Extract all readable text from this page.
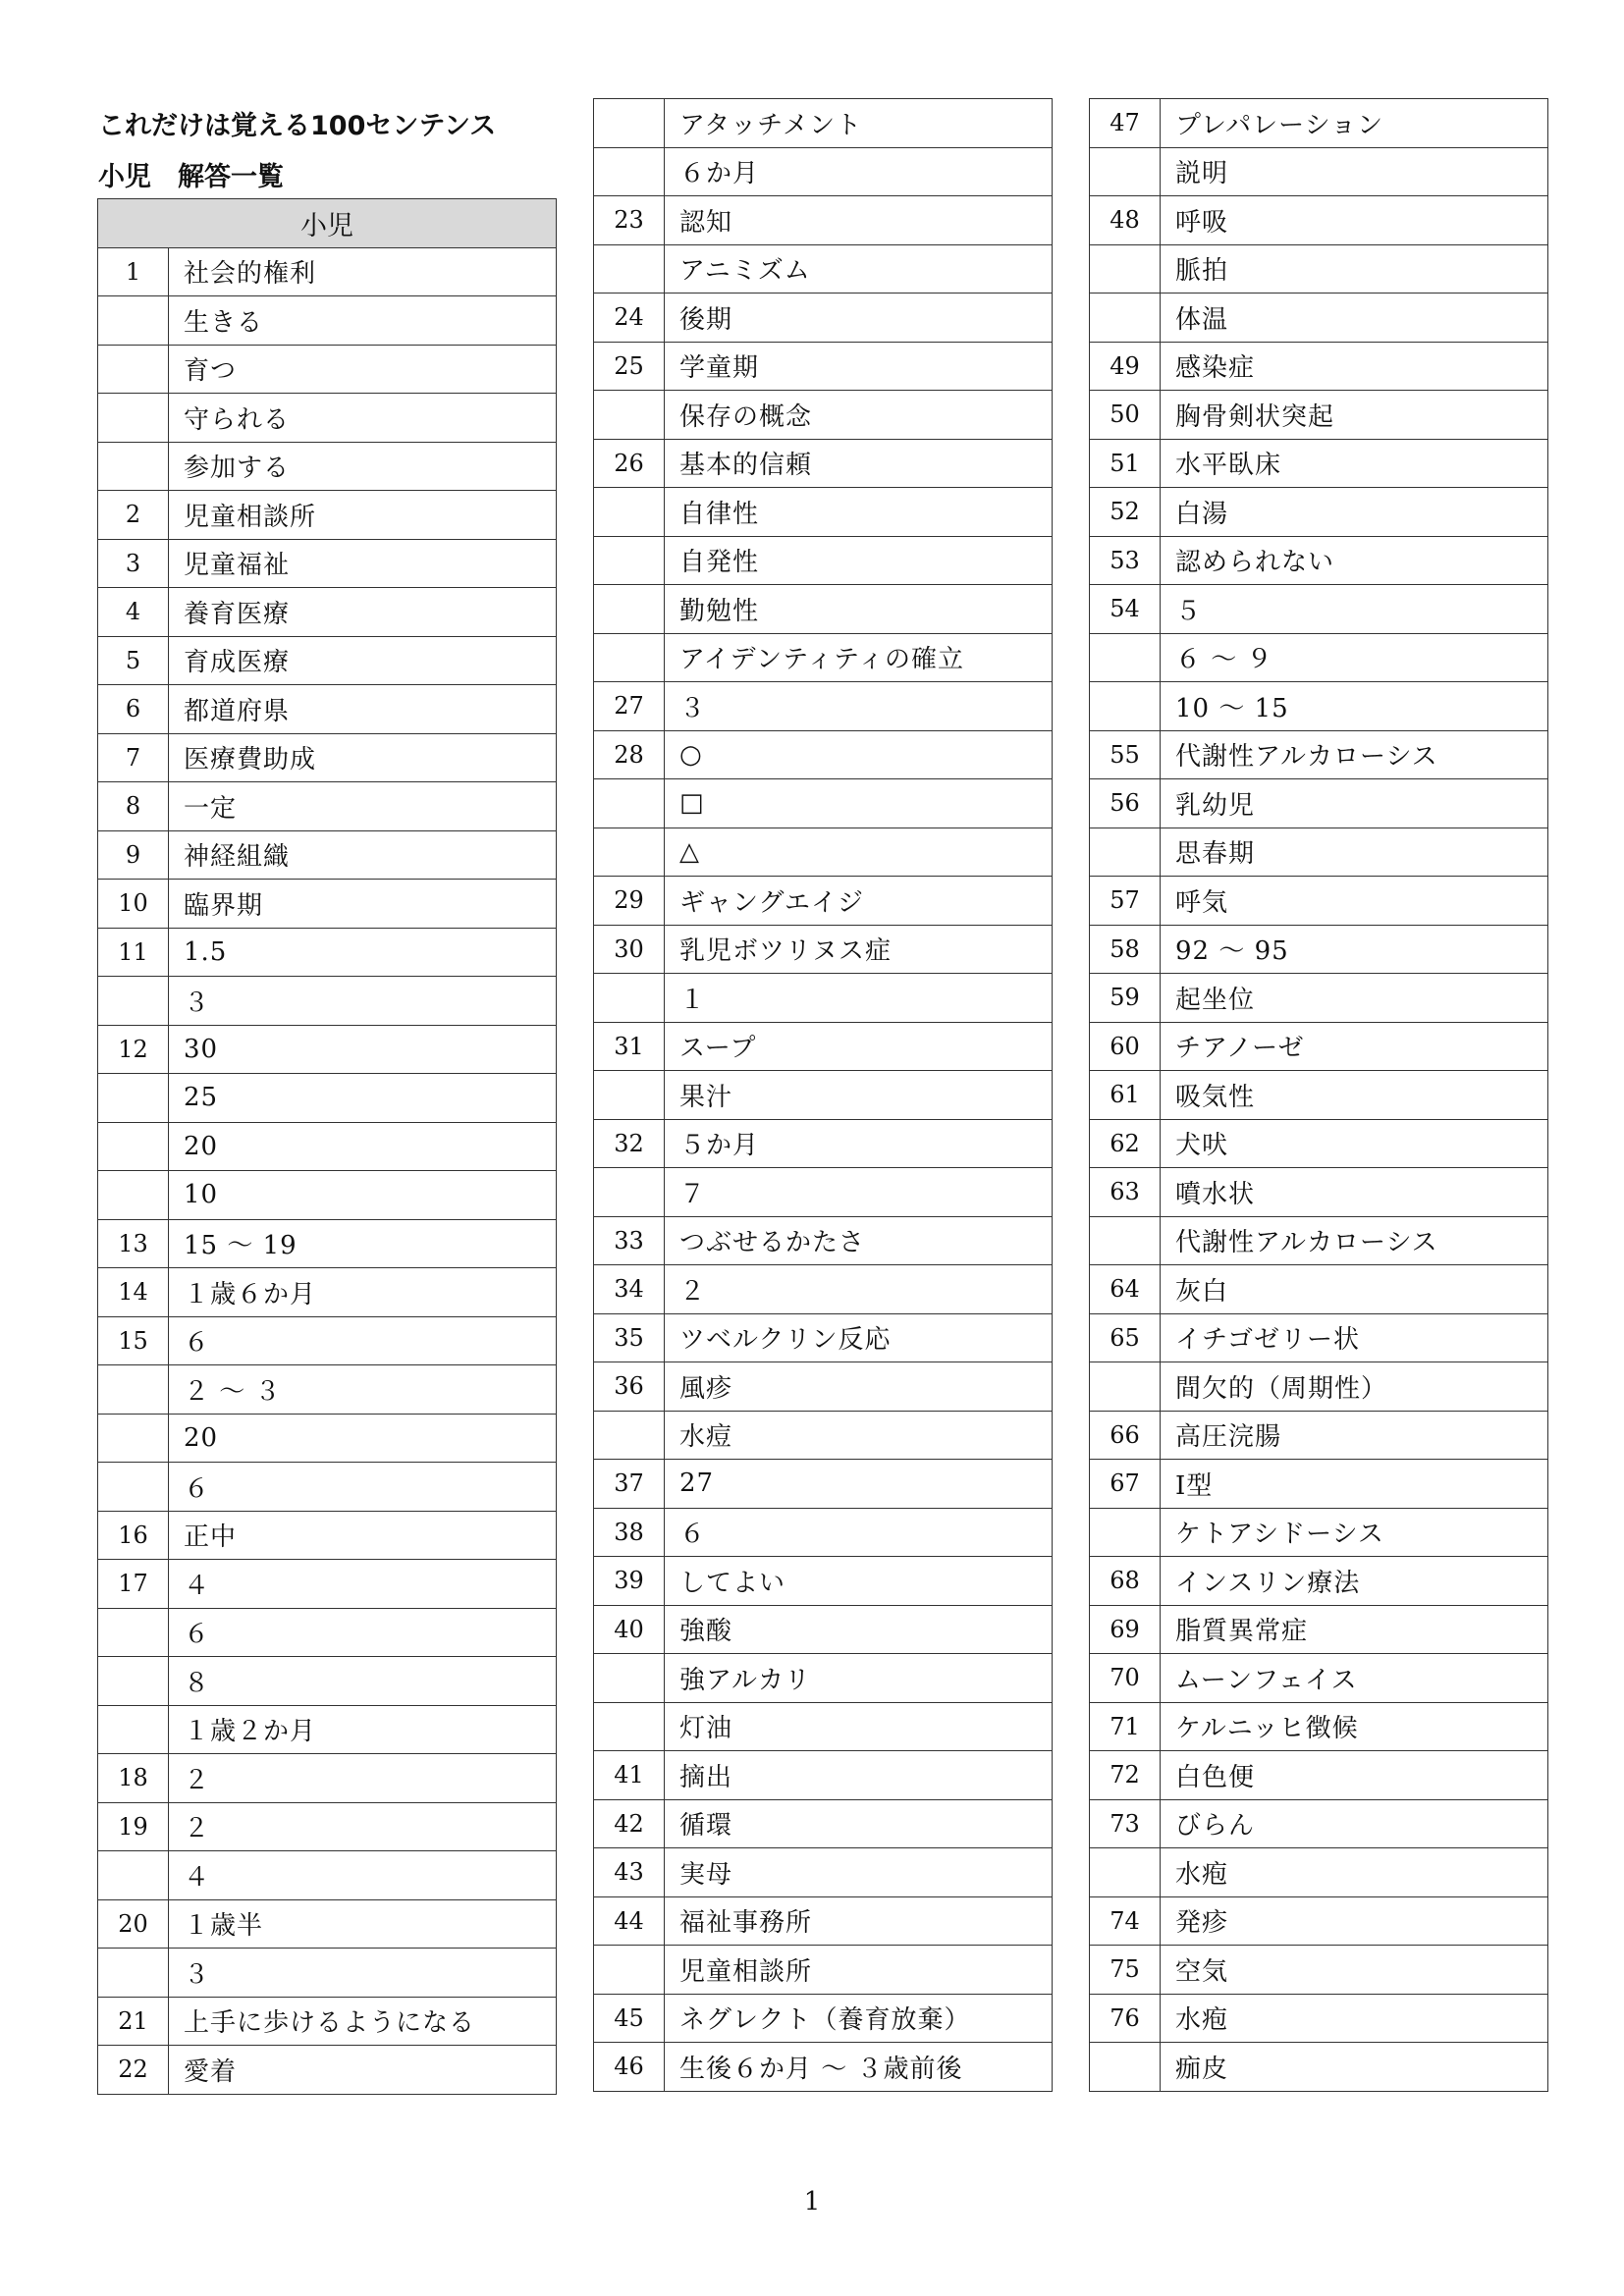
これだけは覚える100センテンス
小児　解答一覧
小児	
1	社会的権利
	生きる
	育つ
	守られる
	参加する
2	児童相談所
3	児童福祉
4	養育医療
5	育成医療
6	都道府県
7	医療費助成
8	一定
9	神経組織
10	臨界期
11	1.5
	３
12	30
	25
	20
	10
13	15 ～ 19
14	１歳６か月
15	６
	２ ～ ３
	20
	６
16	正中
17	４
	６
	８
	１歳２か月
18	２
19	２
	４
20	１歳半
	３
21	上手に歩けるようになる
22	愛着
	アタッチメント
	６か月
23	認知
	アニミズム
24	後期
25	学童期
	保存の概念
26	基本的信頼
	自律性
	自発性
	勤勉性
	アイデンティティの確立
27	３
28	○
	□
	△
29	ギャングエイジ
30	乳児ボツリヌス症
	１
31	スープ
	果汁
32	５か月
	７
33	つぶせるかたさ
34	２
35	ツベルクリン反応
36	風疹
	水痘
37	27
38	６
39	してよい
40	強酸
	強アルカリ
	灯油
41	摘出
42	循環
43	実母
44	福祉事務所
	児童相談所
45	ネグレクト（養育放棄）
46	生後６か月 ～ ３歳前後
47	プレパレーション
	説明
48	呼吸
	脈拍
	体温
49	感染症
50	胸骨剣状突起
51	水平臥床
52	白湯
53	認められない
54	５
	６ ～ ９
	10 ～ 15
55	代謝性アルカローシス
56	乳幼児
	思春期
57	呼気
58	92 ～ 95
59	起坐位
60	チアノーゼ
61	吸気性
62	犬吠
63	噴水状
	代謝性アルカローシス
64	灰白
65	イチゴゼリー状
	間欠的（周期性）
66	高圧浣腸
67	Ⅰ型
	ケトアシドーシス
68	インスリン療法
69	脂質異常症
70	ムーンフェイス
71	ケルニッヒ徴候
72	白色便
73	びらん
	水疱
74	発疹
75	空気
76	水疱
	痂皮
1
